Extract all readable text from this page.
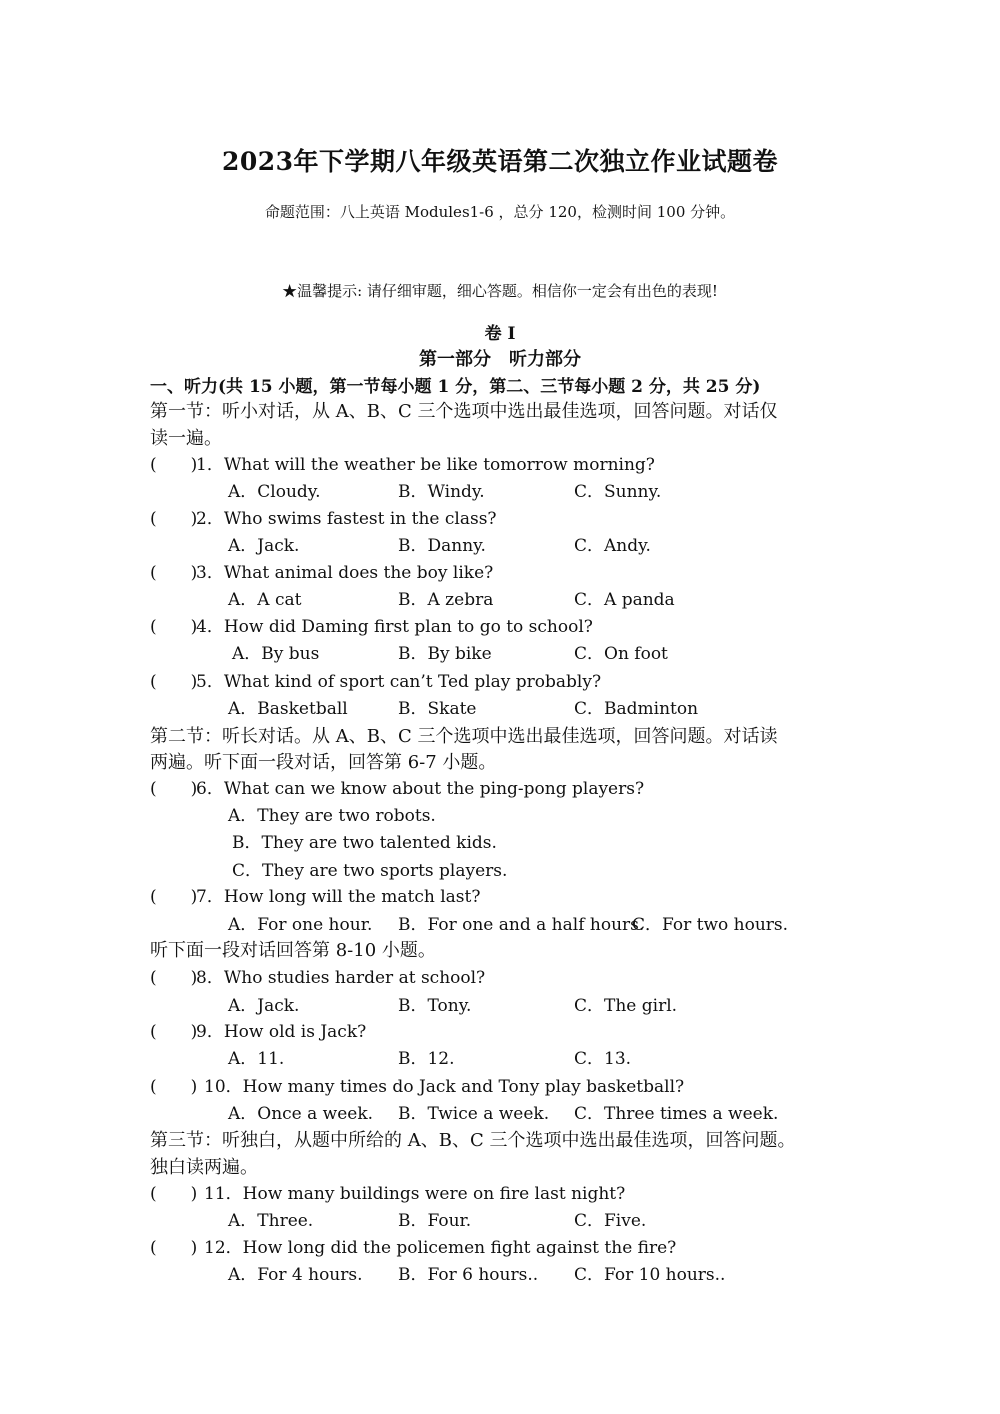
2023年下学期八年级英语第二次独立作业试题卷
命题范围：八上英语 Modules1-6 ，总分 120，检测时间 100 分钟。
★温馨提示: 请仔细审题，细心答题。相信你一定会有出色的表现!
卷 I
第一部分　听力部分
一、听力(共 15 小题，第一节每小题 1 分，第二、三节每小题 2 分，共 25 分)
第一节：听小对话，从 A、B、C 三个选项中选出最佳选项，回答问题。对话仅
读一遍。
(　　)
1．What will the weather be like tomorrow morning?
A．Cloudy.	B．Windy.	C．Sunny.
(　　)
2．Who swims fastest in the class?
A．Jack.	B．Danny.	C．Andy.
(　　)
3．What animal does the boy like?
A．A cat	B．A zebra	C．A panda
(　　)
4．How did Daming first plan to go to school?
A．By bus	B．By bike	C．On foot
(　　)
5．What kind of sport can’t Ted play probably?
A．Basketball	B．Skate	C．Badminton
第二节：听长对话。从 A、B、C 三个选项中选出最佳选项，回答问题。对话读
两遍。听下面一段对话，回答第 6-7 小题。
(　　)
6．What can we know about the ping-pong players?
A．They are two robots.
B．They are two talented kids.
C．They are two sports players.
(　　)
7．How long will the match last?
A．For one hour. B．For one and a half hours.
C．For two hours.
听下面一段对话回答第 8-10 小题。
(　　)
8．Who studies harder at school?
A．Jack.	B．Tony.	C．The girl.
(　　)
9．How old is Jack?
A．11.	B．12.	C．13.
(　　) 10．How many times do Jack and Tony play basketball?
A．Once a week. B．Twice a week. C．Three times a week.
第三节：听独白，从题中所给的 A、B、C 三个选项中选出最佳选项，回答问题。
独白读两遍。
(　　) 11．How many buildings were on fire last night?
A．Three.	B．Four.	C．Five.
(　　) 12．How long did the policemen fight against the fire?
A．For 4 hours. B．For 6 hours.. C．For 10 hours..
